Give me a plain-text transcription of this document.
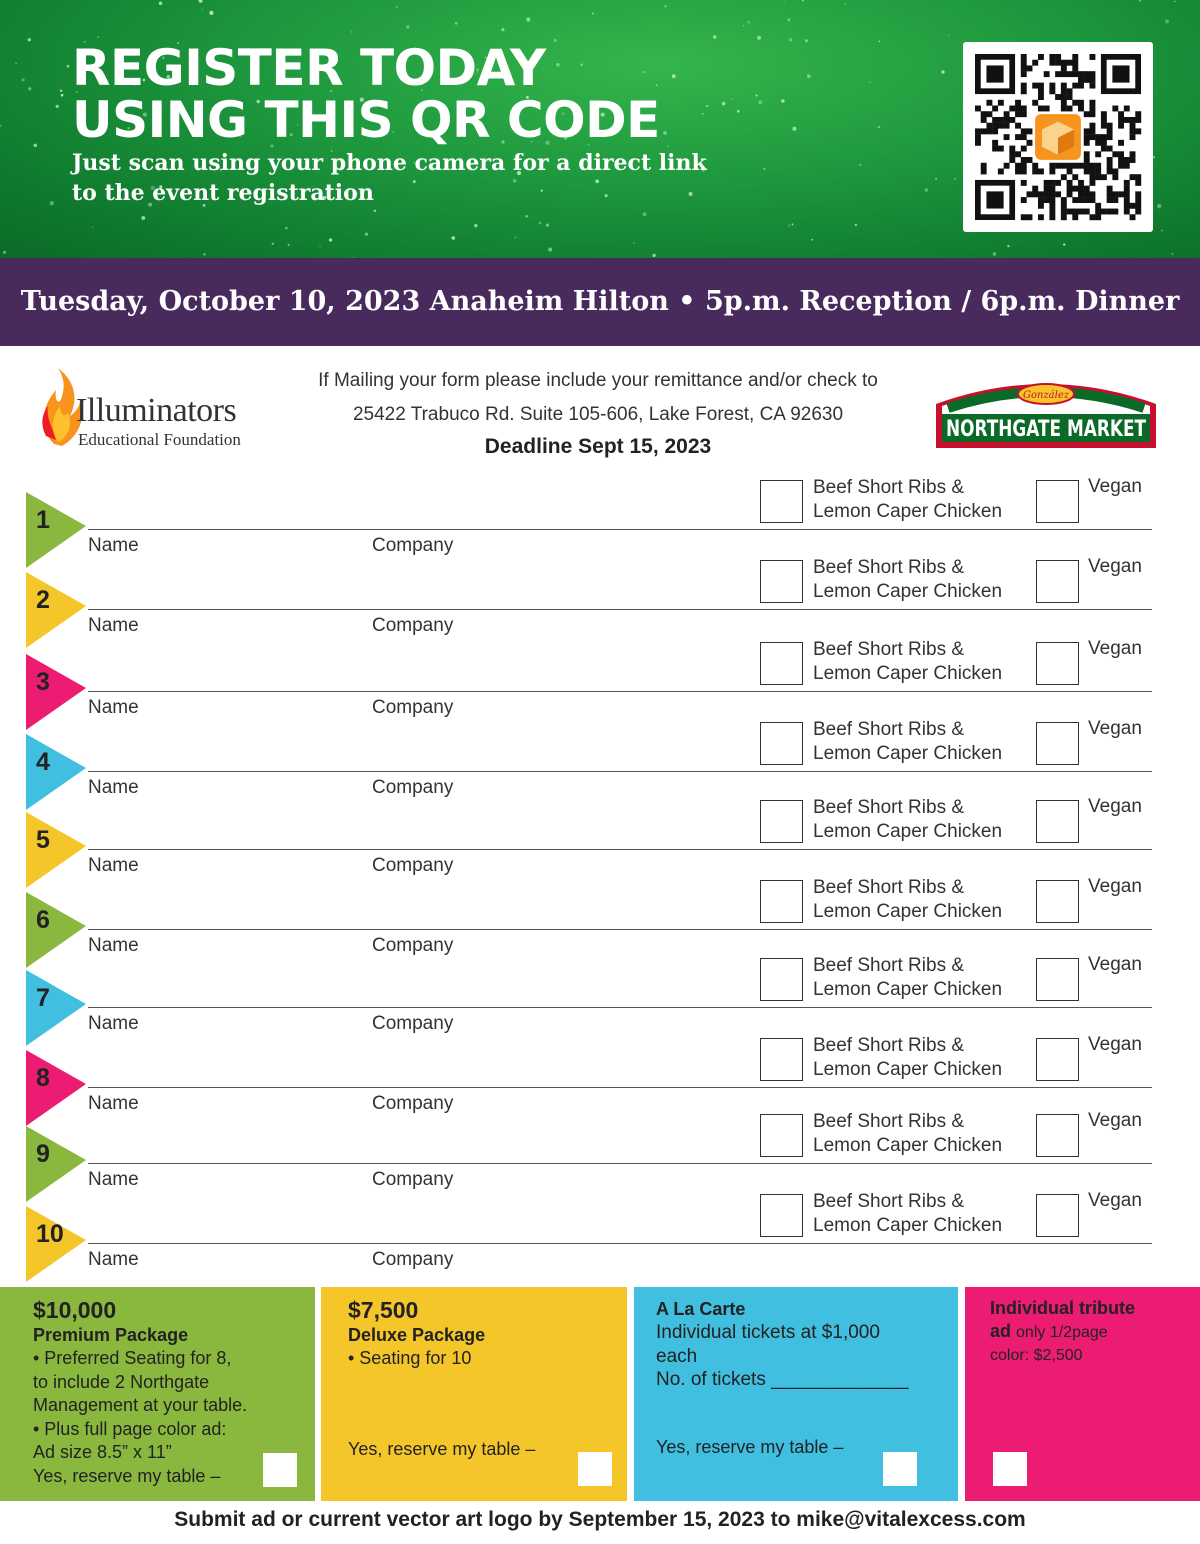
REGISTER TODAY
USING THIS QR CODE
Just scan using your phone camera for a direct link
to the event registration
Tuesday, October 10, 2023 Anaheim Hilton • 5p.m. Reception / 6p.m. Dinner
Illuminators
Educational Foundation
If Mailing your form please include your remittance and/or check to
25422 Trabuco Rd. Suite 105-606, Lake Forest, CA 92630
Deadline Sept 15, 2023
González
NORTHGATE MARKET
1
Name	Company
Beef Short Ribs &
Lemon Caper Chicken
Vegan
2
Name	Company
Beef Short Ribs &
Lemon Caper Chicken
Vegan
3
Name	Company
Beef Short Ribs &
Lemon Caper Chicken
Vegan
4
Name	Company
Beef Short Ribs &
Lemon Caper Chicken
Vegan
5
Name	Company
Beef Short Ribs &
Lemon Caper Chicken
Vegan
6
Name	Company
Beef Short Ribs &
Lemon Caper Chicken
Vegan
7
Name	Company
Beef Short Ribs &
Lemon Caper Chicken
Vegan
8
Name	Company
Beef Short Ribs &
Lemon Caper Chicken
Vegan
9
Name	Company
Beef Short Ribs &
Lemon Caper Chicken
Vegan
10
Name	Company
Beef Short Ribs &
Lemon Caper Chicken
Vegan
$10,000
Premium Package
• Preferred Seating for 8,
to include 2 Northgate
Management at your table.
• Plus full page color ad:
Ad size 8.5” x 11”
Yes, reserve my table –
$7,500
Deluxe Package
• Seating for 10
Yes, reserve my table –
A La Carte
Individual tickets at $1,000
each
No. of tickets _____________
Yes, reserve my table –
Individual tribute
ad only 1/2page
color: $2,500
Submit ad or current vector art logo by September 15, 2023 to mike@vitalexcess.com
